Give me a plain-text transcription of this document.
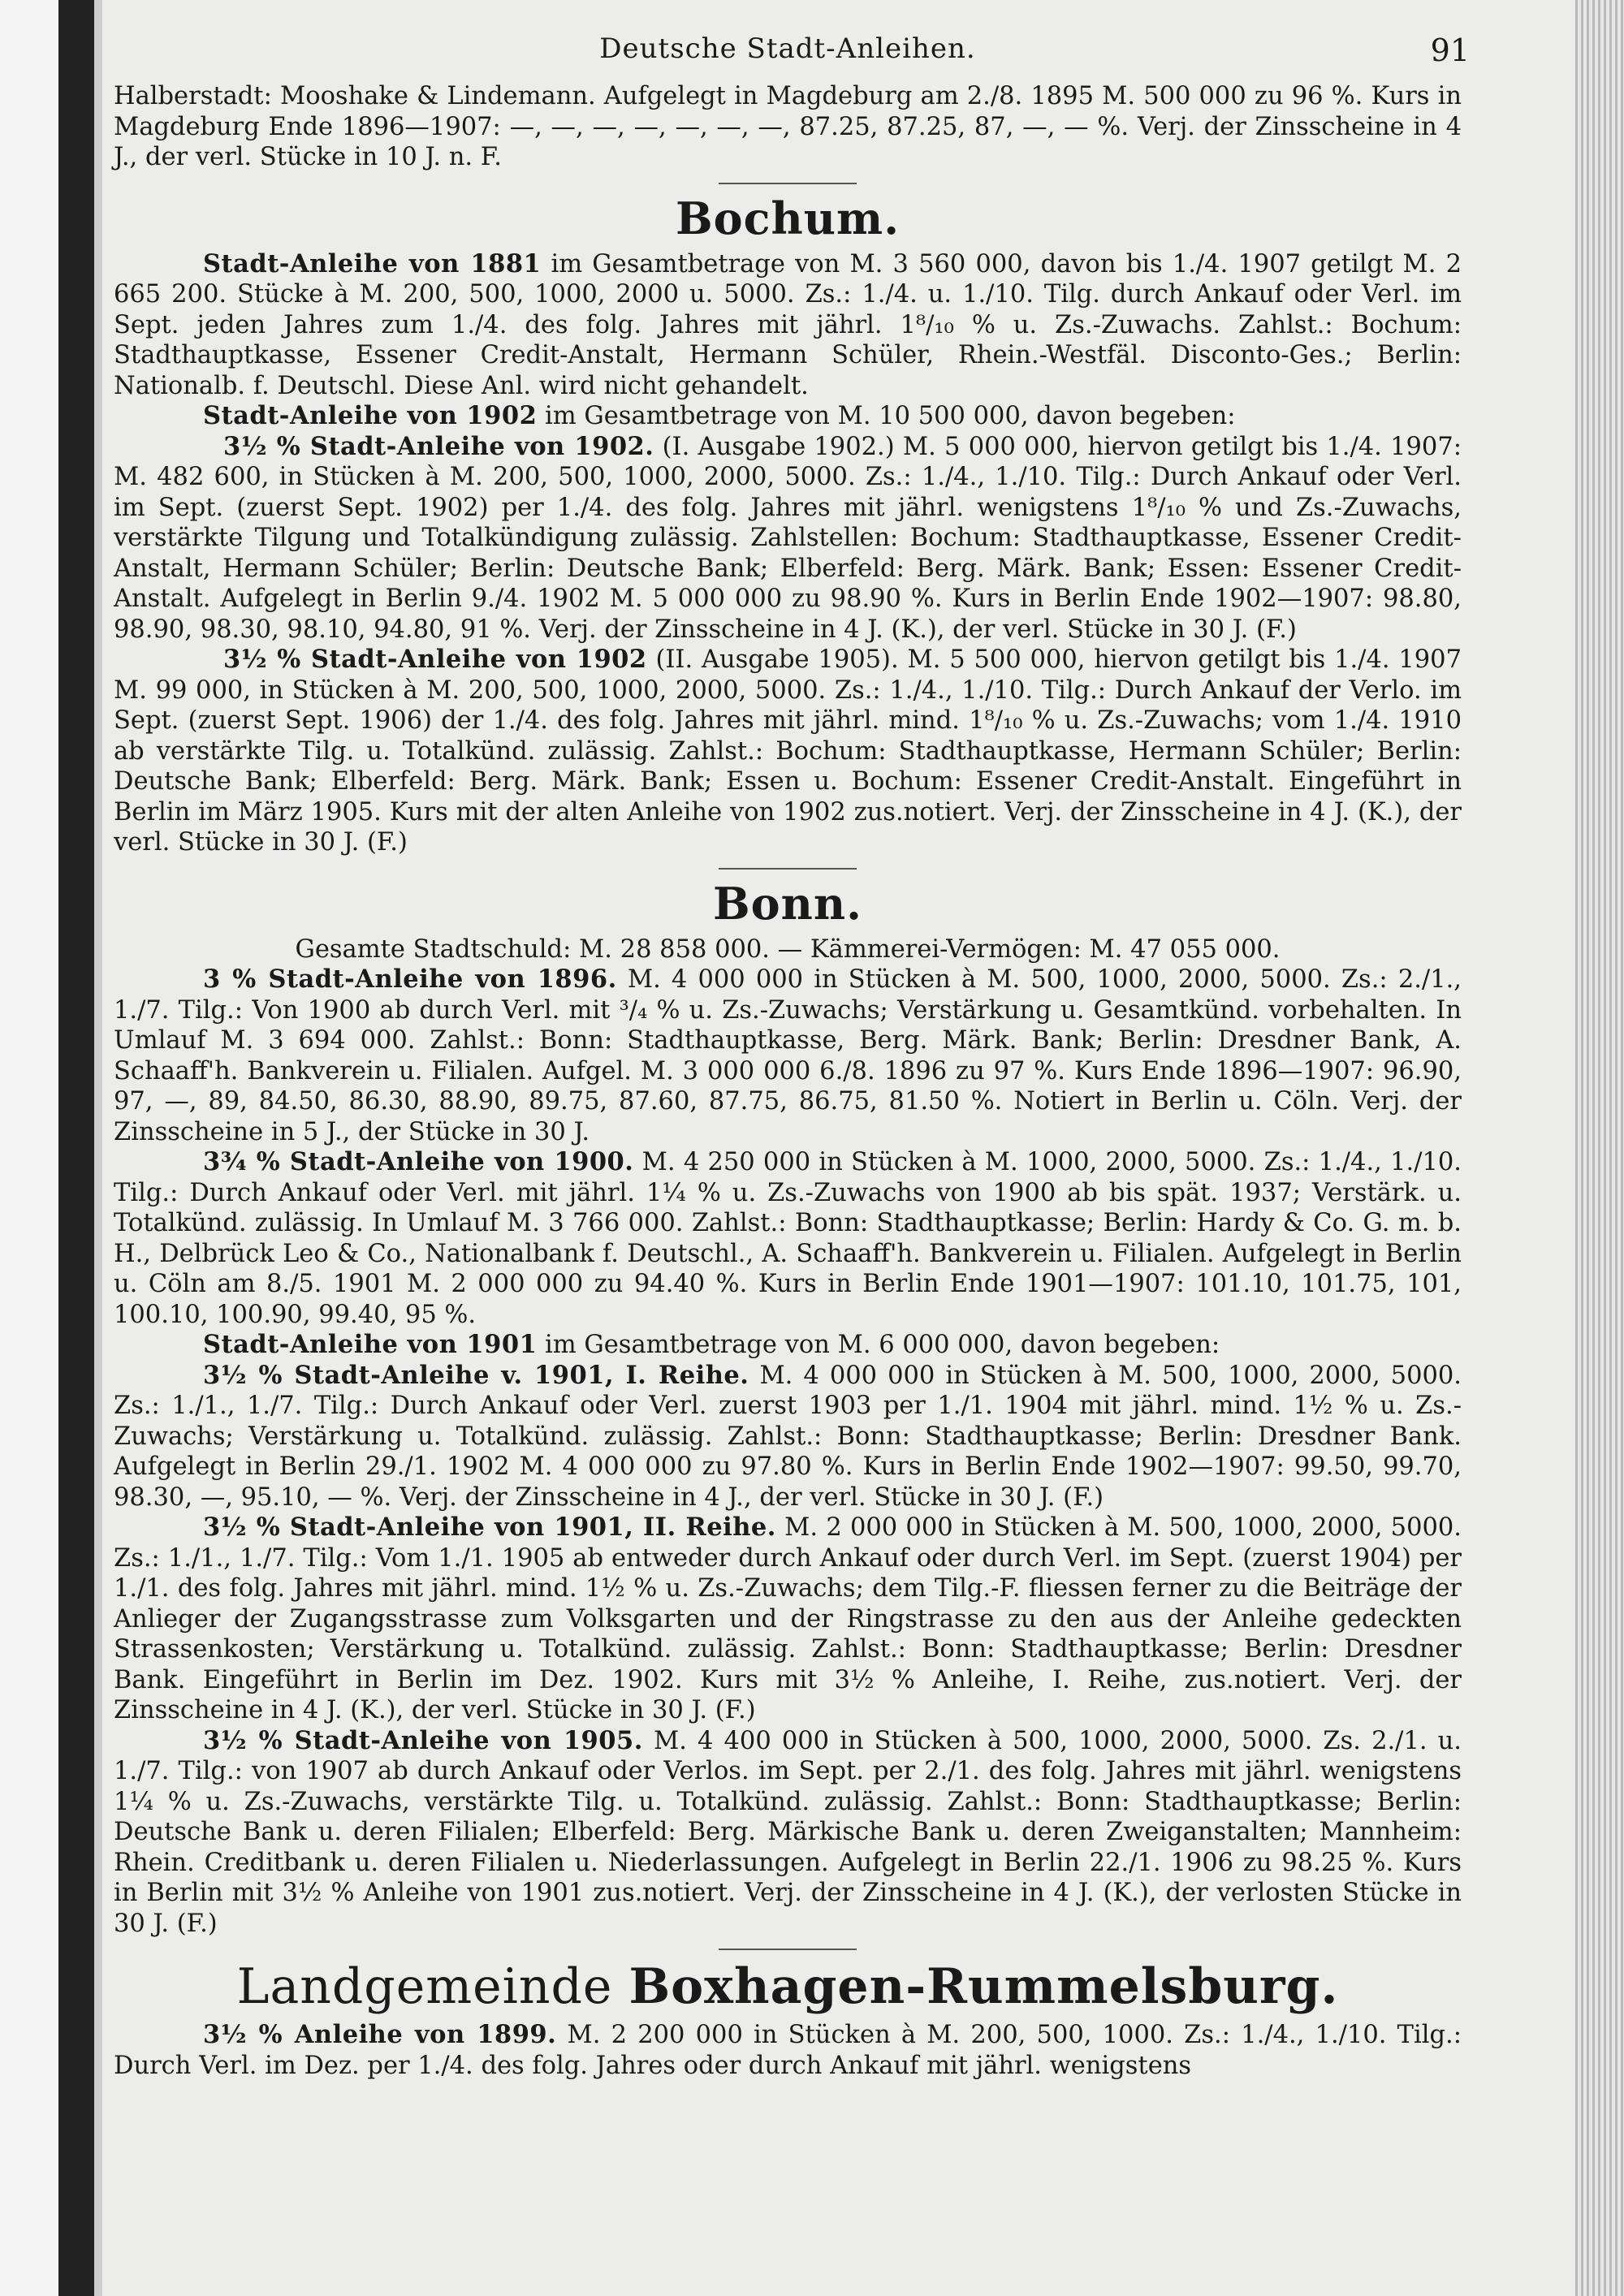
Deutsche Stadt-Anleihen.	91

Halberstadt: Mooshake & Lindemann. Aufgelegt in Magdeburg am 2./8. 1895 M. 500 000 zu 96 %. Kurs in Magdeburg Ende 1896—1907: —, —, —, —, —, —, —, 87.25, 87.25, 87, —, — %. Verj. der Zinsscheine in 4 J., der verl. Stücke in 10 J. n. F.

Bochum.

Stadt-Anleihe von 1881 im Gesamtbetrage von M. 3 560 000, davon bis 1./4. 1907 getilgt M. 2 665 200. Stücke à M. 200, 500, 1000, 2000 u. 5000. Zs.: 1./4. u. 1./10. Tilg. durch Ankauf oder Verl. im Sept. jeden Jahres zum 1./4. des folg. Jahres mit jährl. 1⁸/₁₀ % u. Zs.-Zuwachs. Zahlst.: Bochum: Stadthauptkasse, Essener Credit-Anstalt, Hermann Schüler, Rhein.-Westfäl. Disconto-Ges.; Berlin: Nationalb. f. Deutschl. Diese Anl. wird nicht gehandelt.

Stadt-Anleihe von 1902 im Gesamtbetrage von M. 10 500 000, davon begeben:

3½ % Stadt-Anleihe von 1902. (I. Ausgabe 1902.) M. 5 000 000, hiervon getilgt bis 1./4. 1907: M. 482 600, in Stücken à M. 200, 500, 1000, 2000, 5000. Zs.: 1./4., 1./10. Tilg.: Durch Ankauf oder Verl. im Sept. (zuerst Sept. 1902) per 1./4. des folg. Jahres mit jährl. wenigstens 1⁸/₁₀ % und Zs.-Zuwachs, verstärkte Tilgung und Totalkündigung zulässig. Zahlstellen: Bochum: Stadthauptkasse, Essener Credit-Anstalt, Hermann Schüler; Berlin: Deutsche Bank; Elberfeld: Berg. Märk. Bank; Essen: Essener Credit-Anstalt. Aufgelegt in Berlin 9./4. 1902 M. 5 000 000 zu 98.90 %. Kurs in Berlin Ende 1902—1907: 98.80, 98.90, 98.30, 98.10, 94.80, 91 %. Verj. der Zinsscheine in 4 J. (K.), der verl. Stücke in 30 J. (F.)

3½ % Stadt-Anleihe von 1902 (II. Ausgabe 1905). M. 5 500 000, hiervon getilgt bis 1./4. 1907 M. 99 000, in Stücken à M. 200, 500, 1000, 2000, 5000. Zs.: 1./4., 1./10. Tilg.: Durch Ankauf der Verlo. im Sept. (zuerst Sept. 1906) der 1./4. des folg. Jahres mit jährl. mind. 1⁸/₁₀ % u. Zs.-Zuwachs; vom 1./4. 1910 ab verstärkte Tilg. u. Totalkünd. zulässig. Zahlst.: Bochum: Stadthauptkasse, Hermann Schüler; Berlin: Deutsche Bank; Elberfeld: Berg. Märk. Bank; Essen u. Bochum: Essener Credit-Anstalt. Eingeführt in Berlin im März 1905. Kurs mit der alten Anleihe von 1902 zus.notiert. Verj. der Zinsscheine in 4 J. (K.), der verl. Stücke in 30 J. (F.)

Bonn.

Gesamte Stadtschuld: M. 28 858 000. — Kämmerei-Vermögen: M. 47 055 000.

3 % Stadt-Anleihe von 1896. M. 4 000 000 in Stücken à M. 500, 1000, 2000, 5000. Zs.: 2./1., 1./7. Tilg.: Von 1900 ab durch Verl. mit ³/₄ % u. Zs.-Zuwachs; Verstärkung u. Gesamtkünd. vorbehalten. In Umlauf M. 3 694 000. Zahlst.: Bonn: Stadthauptkasse, Berg. Märk. Bank; Berlin: Dresdner Bank, A. Schaaff'h. Bankverein u. Filialen. Aufgel. M. 3 000 000 6./8. 1896 zu 97 %. Kurs Ende 1896—1907: 96.90, 97, —, 89, 84.50, 86.30, 88.90, 89.75, 87.60, 87.75, 86.75, 81.50 %. Notiert in Berlin u. Cöln. Verj. der Zinsscheine in 5 J., der Stücke in 30 J.

3¾ % Stadt-Anleihe von 1900. M. 4 250 000 in Stücken à M. 1000, 2000, 5000. Zs.: 1./4., 1./10. Tilg.: Durch Ankauf oder Verl. mit jährl. 1¼ % u. Zs.-Zuwachs von 1900 ab bis spät. 1937; Verstärk. u. Totalkünd. zulässig. In Umlauf M. 3 766 000. Zahlst.: Bonn: Stadthauptkasse; Berlin: Hardy & Co. G. m. b. H., Delbrück Leo & Co., Nationalbank f. Deutschl., A. Schaaff'h. Bankverein u. Filialen. Aufgelegt in Berlin u. Cöln am 8./5. 1901 M. 2 000 000 zu 94.40 %. Kurs in Berlin Ende 1901—1907: 101.10, 101.75, 101, 100.10, 100.90, 99.40, 95 %.

Stadt-Anleihe von 1901 im Gesamtbetrage von M. 6 000 000, davon begeben:

3½ % Stadt-Anleihe v. 1901, I. Reihe. M. 4 000 000 in Stücken à M. 500, 1000, 2000, 5000. Zs.: 1./1., 1./7. Tilg.: Durch Ankauf oder Verl. zuerst 1903 per 1./1. 1904 mit jährl. mind. 1½ % u. Zs.-Zuwachs; Verstärkung u. Totalkünd. zulässig. Zahlst.: Bonn: Stadthauptkasse; Berlin: Dresdner Bank. Aufgelegt in Berlin 29./1. 1902 M. 4 000 000 zu 97.80 %. Kurs in Berlin Ende 1902—1907: 99.50, 99.70, 98.30, —, 95.10, — %. Verj. der Zinsscheine in 4 J., der verl. Stücke in 30 J. (F.)

3½ % Stadt-Anleihe von 1901, II. Reihe. M. 2 000 000 in Stücken à M. 500, 1000, 2000, 5000. Zs.: 1./1., 1./7. Tilg.: Vom 1./1. 1905 ab entweder durch Ankauf oder durch Verl. im Sept. (zuerst 1904) per 1./1. des folg. Jahres mit jährl. mind. 1½ % u. Zs.-Zuwachs; dem Tilg.-F. fliessen ferner zu die Beiträge der Anlieger der Zugangsstrasse zum Volksgarten und der Ringstrasse zu den aus der Anleihe gedeckten Strassenkosten; Verstärkung u. Totalkünd. zulässig. Zahlst.: Bonn: Stadthauptkasse; Berlin: Dresdner Bank. Eingeführt in Berlin im Dez. 1902. Kurs mit 3½ % Anleihe, I. Reihe, zus.notiert. Verj. der Zinsscheine in 4 J. (K.), der verl. Stücke in 30 J. (F.)

3½ % Stadt-Anleihe von 1905. M. 4 400 000 in Stücken à 500, 1000, 2000, 5000. Zs. 2./1. u. 1./7. Tilg.: von 1907 ab durch Ankauf oder Verlos. im Sept. per 2./1. des folg. Jahres mit jährl. wenigstens 1¼ % u. Zs.-Zuwachs, verstärkte Tilg. u. Totalkünd. zulässig. Zahlst.: Bonn: Stadthauptkasse; Berlin: Deutsche Bank u. deren Filialen; Elberfeld: Berg. Märkische Bank u. deren Zweiganstalten; Mannheim: Rhein. Creditbank u. deren Filialen u. Niederlassungen. Aufgelegt in Berlin 22./1. 1906 zu 98.25 %. Kurs in Berlin mit 3½ % Anleihe von 1901 zus.notiert. Verj. der Zinsscheine in 4 J. (K.), der verlosten Stücke in 30 J. (F.)

Landgemeinde Boxhagen-Rummelsburg.

3½ % Anleihe von 1899. M. 2 200 000 in Stücken à M. 200, 500, 1000. Zs.: 1./4., 1./10. Tilg.: Durch Verl. im Dez. per 1./4. des folg. Jahres oder durch Ankauf mit jährl. wenigstens
